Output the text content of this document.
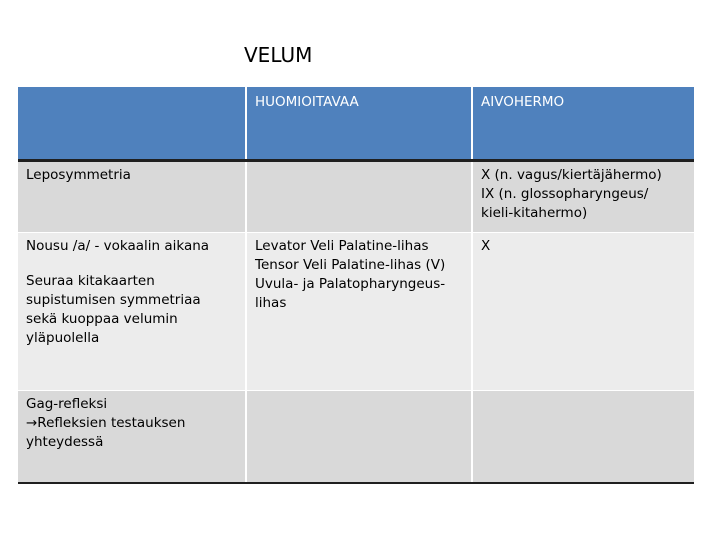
VELUM
	HUOMIOITAVAA	AIVOHERMO

Leposymmetria		X (n. vagus/kiertäjähermo)
IX (n. glossopharyngeus/
kieli-kitahermo)

Nousu /a/ - vokaalin aikana
Seuraa kitakaarten
supistumisen symmetriaa
sekä kuoppaa velumin
yläpuolella	Levator Veli Palatine-lihas
Tensor Veli Palatine-lihas (V)
Uvula- ja Palatopharyngeus-
lihas	X

Gag-refleksi
→Refleksien testauksen
yhteydessä		
